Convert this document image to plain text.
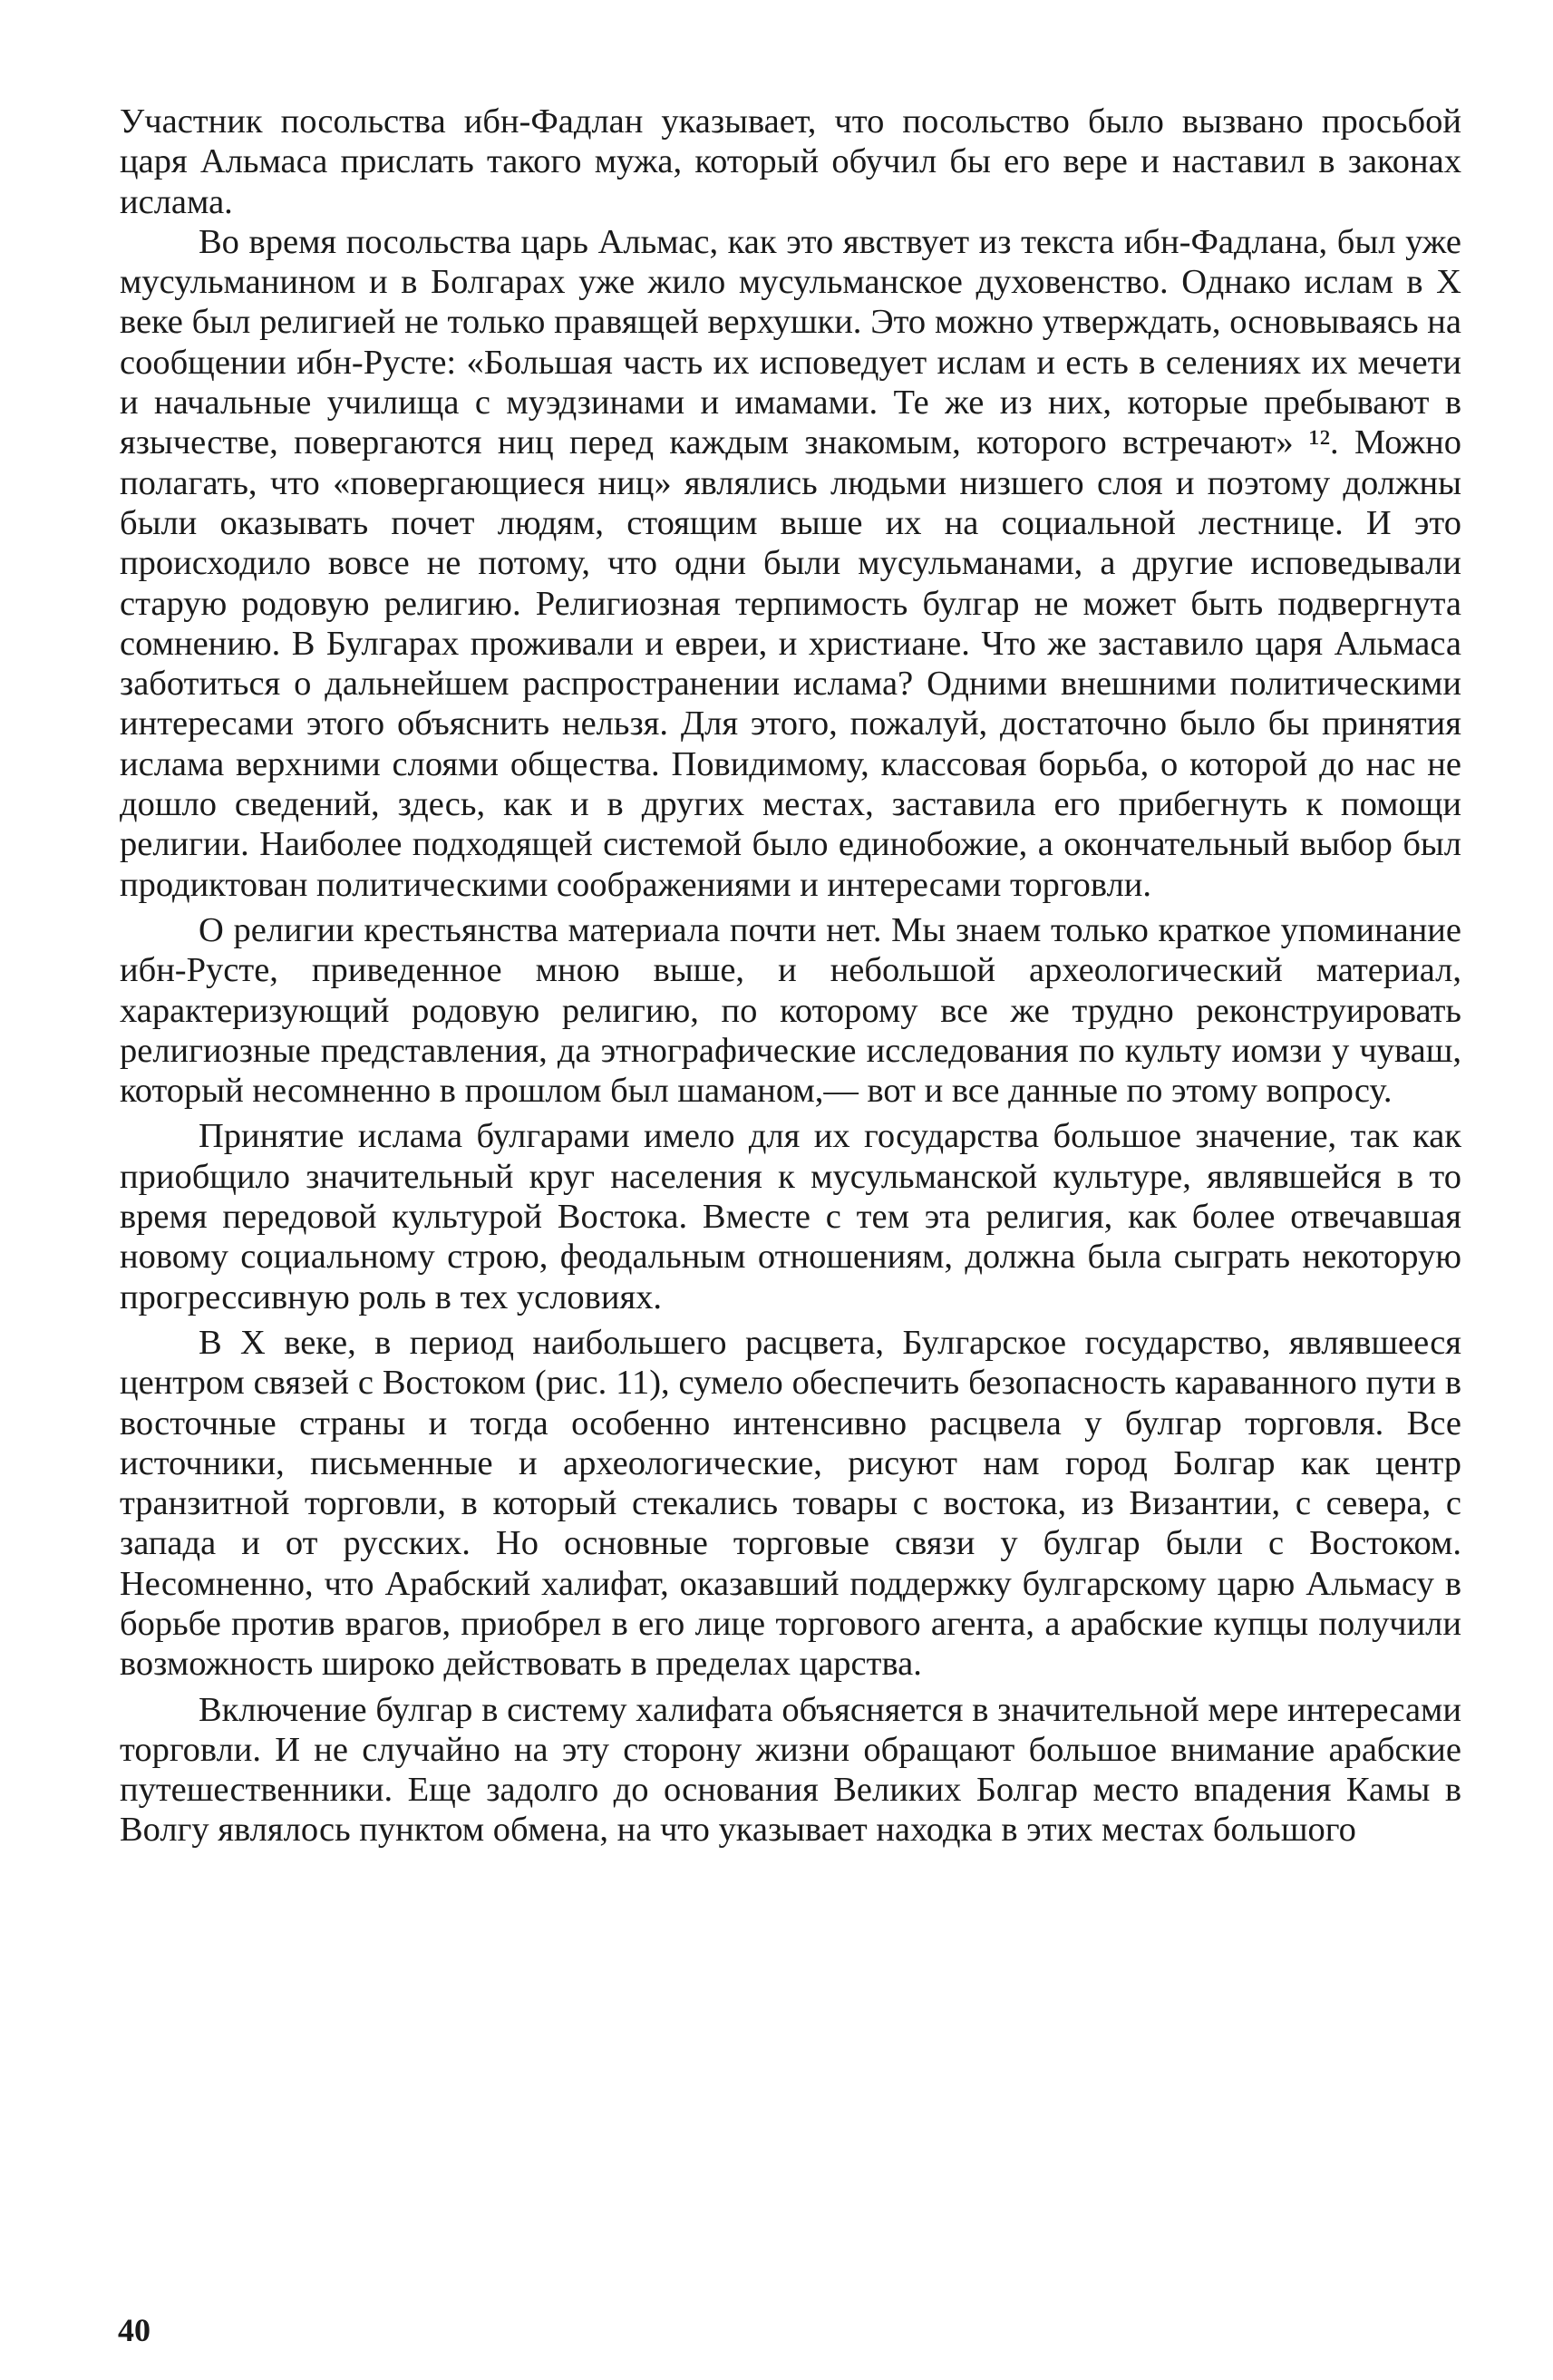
Участник посольства ибн-Фадлан указывает, что посольство было вызвано просьбой царя Альмаса прислать такого мужа, который обучил бы его вере и наставил в законах ислама.

Во время посольства царь Альмас, как это явствует из текста ибн-Фадлана, был уже мусульманином и в Болгарах уже жило мусульманское духовенство. Однако ислам в X веке был религией не только правящей верхушки. Это можно утверждать, основываясь на сообщении ибн-Русте: «Большая часть их исповедует ислам и есть в селениях их мечети и начальные училища с муэдзинами и имамами. Те же из них, которые пребывают в язычестве, повергаются ниц перед каждым знакомым, которого встречают» ¹². Можно полагать, что «повергающиеся ниц» являлись людьми низшего слоя и поэтому должны были оказывать почет людям, стоящим выше их на социальной лестнице. И это происходило вовсе не потому, что одни были мусульманами, а другие исповедывали старую родовую религию. Религиозная терпимость булгар не может быть подвергнута сомнению. В Булгарах проживали и евреи, и христиане. Что же заставило царя Альмаса заботиться о дальнейшем распространении ислама? Одними внешними политическими интересами этого объяснить нельзя. Для этого, пожалуй, достаточно было бы принятия ислама верхними слоями общества. Повидимому, классовая борьба, о которой до нас не дошло сведений, здесь, как и в других местах, заставила его прибегнуть к помощи религии. Наиболее подходящей системой было единобожие, а окончательный выбор был продиктован политическими соображениями и интересами торговли.

О религии крестьянства материала почти нет. Мы знаем только краткое упоминание ибн-Русте, приведенное мною выше, и небольшой археологический материал, характеризующий родовую религию, по которому все же трудно реконструировать религиозные представления, да этнографические исследования по культу иомзи у чуваш, который несомненно в прошлом был шаманом,— вот и все данные по этому вопросу.

Принятие ислама булгарами имело для их государства большое значение, так как приобщило значительный круг населения к мусульманской культуре, являвшейся в то время передовой культурой Востока. Вместе с тем эта религия, как более отвечавшая новому социальному строю, феодальным отношениям, должна была сыграть некоторую прогрессивную роль в тех условиях.

В X веке, в период наибольшего расцвета, Булгарское государство, являвшееся центром связей с Востоком (рис. 11), сумело обеспечить безопасность караванного пути в восточные страны и тогда особенно интенсивно расцвела у булгар торговля. Все источники, письменные и археологические, рисуют нам город Болгар как центр транзитной торговли, в который стекались товары с востока, из Византии, с севера, с запада и от русских. Но основные торговые связи у булгар были с Востоком. Несомненно, что Арабский халифат, оказавший поддержку булгарскому царю Альмасу в борьбе против врагов, приобрел в его лице торгового агента, а арабские купцы получили возможность широко действовать в пределах царства.

Включение булгар в систему халифата объясняется в значительной мере интересами торговли. И не случайно на эту сторону жизни обращают большое внимание арабские путешественники. Еще задолго до основания Великих Болгар место впадения Камы в Волгу являлось пунктом обмена, на что указывает находка в этих местах большого

40
